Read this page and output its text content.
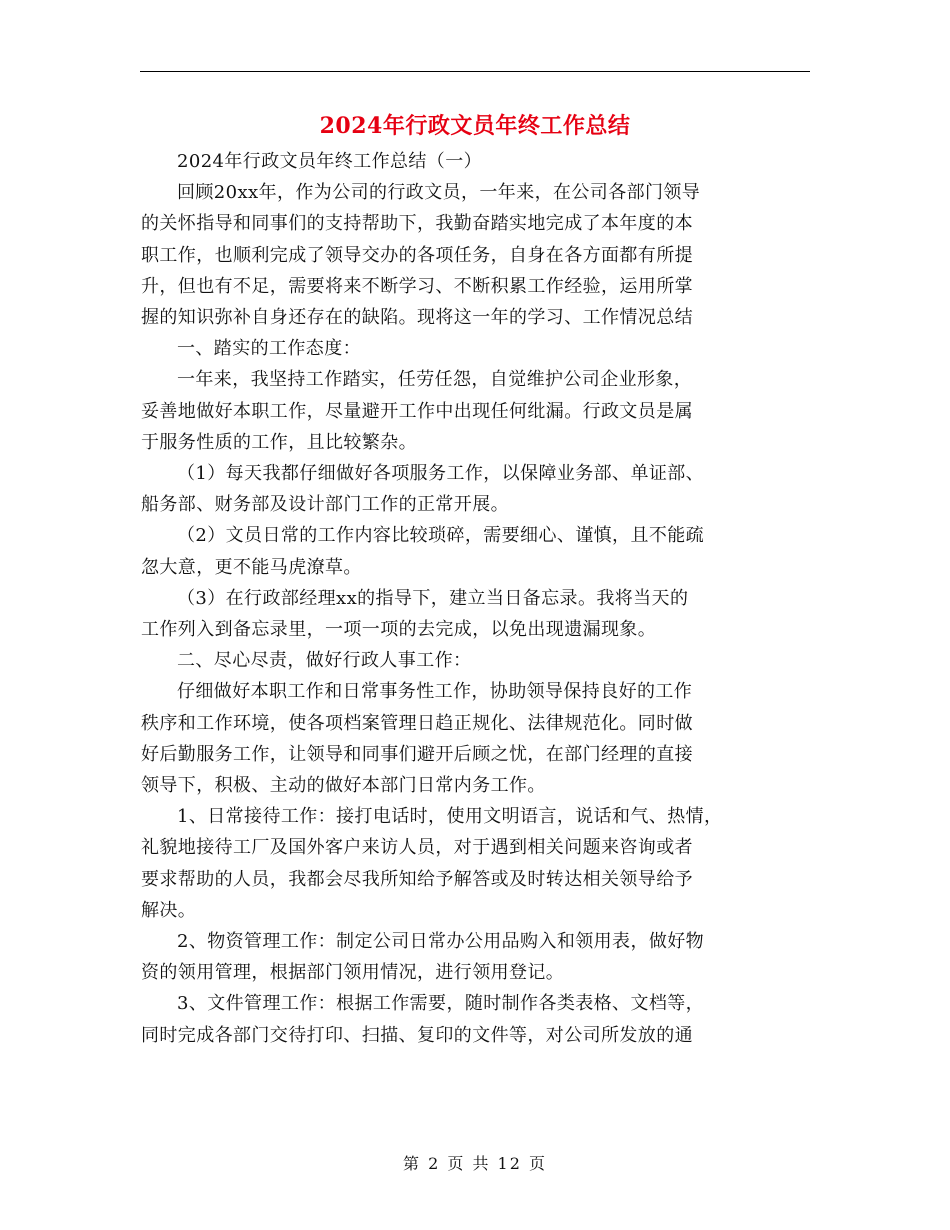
2024年行政文员年终工作总结

2024年行政文员年终工作总结（一）

回顾20xx年，作为公司的行政文员，一年来，在公司各部门领导
的关怀指导和同事们的支持帮助下，我勤奋踏实地完成了本年度的本
职工作，也顺利完成了领导交办的各项任务，自身在各方面都有所提
升，但也有不足，需要将来不断学习、不断积累工作经验，运用所掌
握的知识弥补自身还存在的缺陷。现将这一年的学习、工作情况总结

一、踏实的工作态度：

一年来，我坚持工作踏实，任劳任怨，自觉维护公司企业形象，
妥善地做好本职工作，尽量避开工作中出现任何纰漏。行政文员是属
于服务性质的工作，且比较繁杂。

（1）每天我都仔细做好各项服务工作，以保障业务部、单证部、
船务部、财务部及设计部门工作的正常开展。

（2）文员日常的工作内容比较琐碎，需要细心、谨慎，且不能疏
忽大意，更不能马虎潦草。

（3）在行政部经理xx的指导下，建立当日备忘录。我将当天的
工作列入到备忘录里，一项一项的去完成，以免出现遗漏现象。

二、尽心尽责，做好行政人事工作：

仔细做好本职工作和日常事务性工作，协助领导保持良好的工作
秩序和工作环境，使各项档案管理日趋正规化、法律规范化。同时做
好后勤服务工作，让领导和同事们避开后顾之忧，在部门经理的直接
领导下，积极、主动的做好本部门日常内务工作。

1、日常接待工作：接打电话时，使用文明语言，说话和气、热情，
礼貌地接待工厂及国外客户来访人员，对于遇到相关问题来咨询或者
要求帮助的人员，我都会尽我所知给予解答或及时转达相关领导给予
解决。

2、物资管理工作：制定公司日常办公用品购入和领用表，做好物
资的领用管理，根据部门领用情况，进行领用登记。

3、文件管理工作：根据工作需要，随时制作各类表格、文档等，
同时完成各部门交待打印、扫描、复印的文件等，对公司所发放的通

第 2 页 共 12 页
